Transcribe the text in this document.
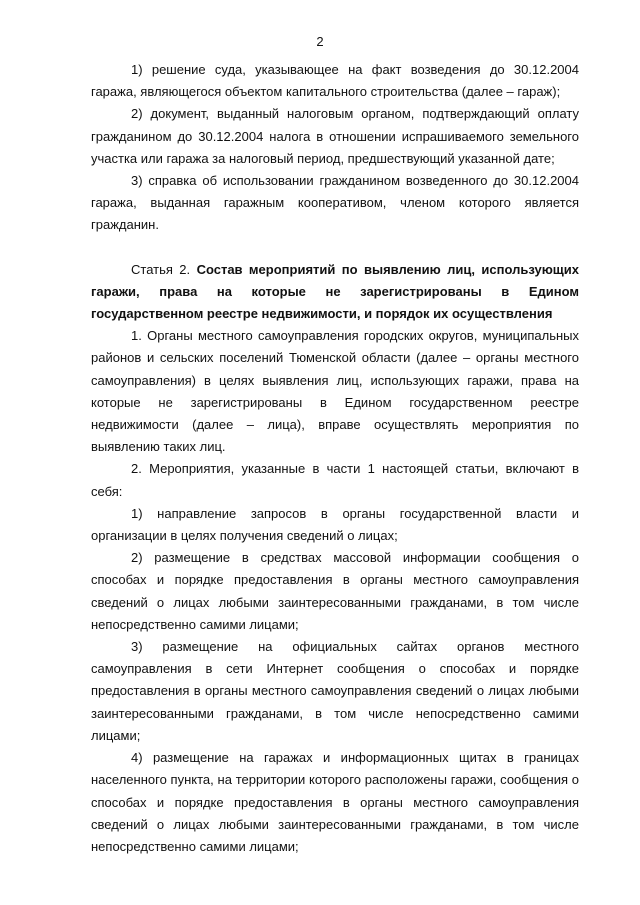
2

1) решение суда, указывающее на факт возведения до 30.12.2004 гаража, являющегося объектом капитального строительства (далее – гараж);

2) документ, выданный налоговым органом, подтверждающий оплату гражданином до 30.12.2004 налога в отношении испрашиваемого земельного участка или гаража за налоговый период, предшествующий указанной дате;

3) справка об использовании гражданином возведенного до 30.12.2004 гаража, выданная гаражным кооперативом, членом которого является гражданин.

Статья 2. Состав мероприятий по выявлению лиц, использующих гаражи, права на которые не зарегистрированы в Едином государственном реестре недвижимости, и порядок их осуществления

1. Органы местного самоуправления городских округов, муниципальных районов и сельских поселений Тюменской области (далее – органы местного самоуправления) в целях выявления лиц, использующих гаражи, права на которые не зарегистрированы в Едином государственном реестре недвижимости (далее – лица), вправе осуществлять мероприятия по выявлению таких лиц.

2. Мероприятия, указанные в части 1 настоящей статьи, включают в себя:

1) направление запросов в органы государственной власти и организации в целях получения сведений о лицах;

2) размещение в средствах массовой информации сообщения о способах и порядке предоставления в органы местного самоуправления сведений о лицах любыми заинтересованными гражданами, в том числе непосредственно самими лицами;

3) размещение на официальных сайтах органов местного самоуправления в сети Интернет сообщения о способах и порядке предоставления в органы местного самоуправления сведений о лицах любыми заинтересованными гражданами, в том числе непосредственно самими лицами;

4) размещение на гаражах и информационных щитах в границах населенного пункта, на территории которого расположены гаражи, сообщения о способах и порядке предоставления в органы местного самоуправления сведений о лицах любыми заинтересованными гражданами, в том числе непосредственно самими лицами;
